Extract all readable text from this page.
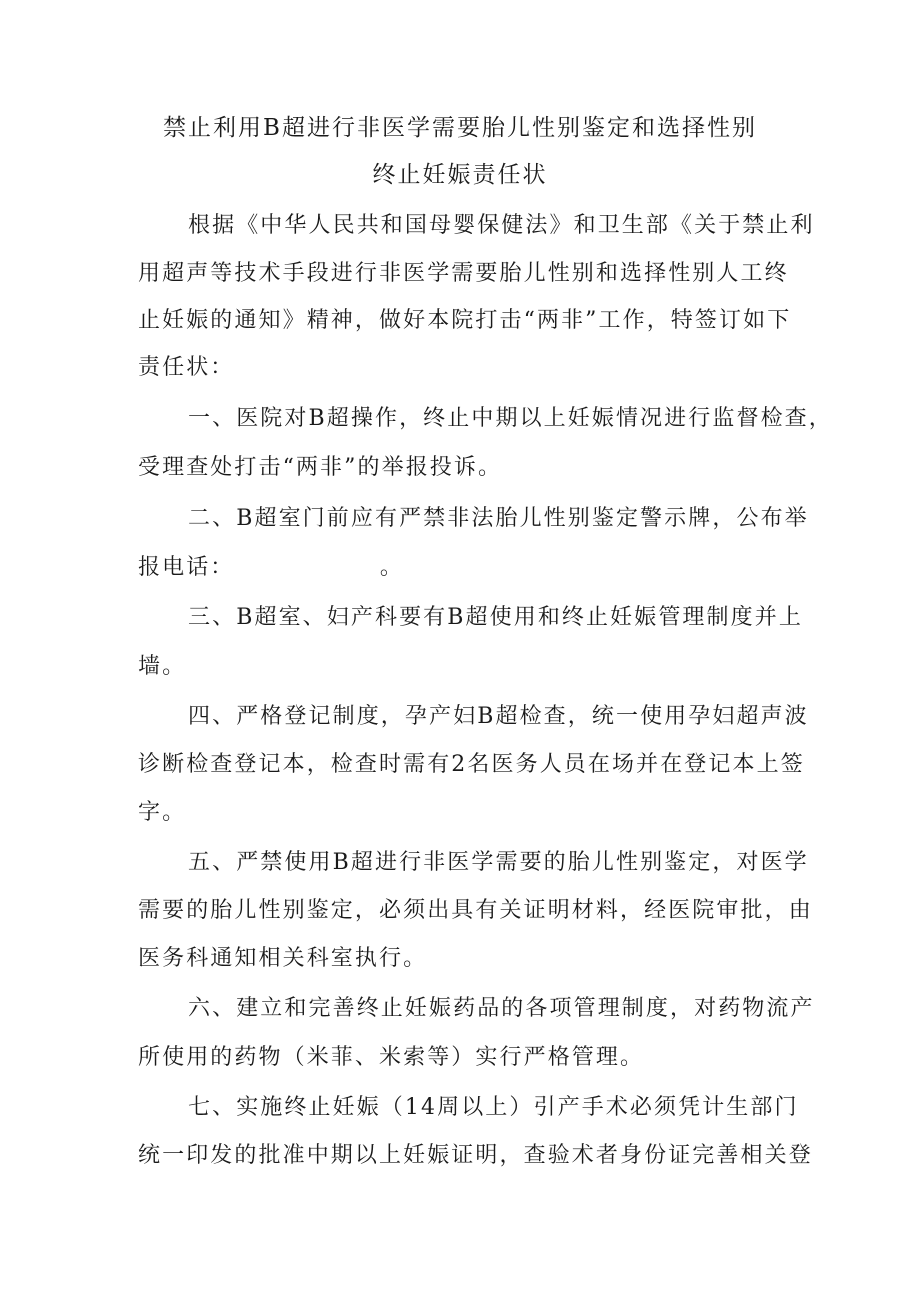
禁止利用B超进行非医学需要胎儿性别鉴定和选择性别
终止妊娠责任状
根据《中华人民共和国母婴保健法》和卫生部《关于禁止利
用超声等技术手段进行非医学需要胎儿性别和选择性别人工终
止妊娠的通知》精神，做好本院打击“两非”工作，特签订如下
责任状：
一、医院对B超操作，终止中期以上妊娠情况进行监督检查，
受理查处打击“两非”的举报投诉。
二、B超室门前应有严禁非法胎儿性别鉴定警示牌，公布举
报电话：                。
三、B超室、妇产科要有B超使用和终止妊娠管理制度并上
墙。
四、严格登记制度，孕产妇B超检查，统一使用孕妇超声波
诊断检查登记本，检查时需有2名医务人员在场并在登记本上签
字。
五、严禁使用B超进行非医学需要的胎儿性别鉴定，对医学
需要的胎儿性别鉴定，必须出具有关证明材料，经医院审批，由
医务科通知相关科室执行。
六、建立和完善终止妊娠药品的各项管理制度，对药物流产
所使用的药物（米菲、米索等）实行严格管理。
七、实施终止妊娠（14周以上）引产手术必须凭计生部门
统一印发的批准中期以上妊娠证明，查验术者身份证完善相关登
